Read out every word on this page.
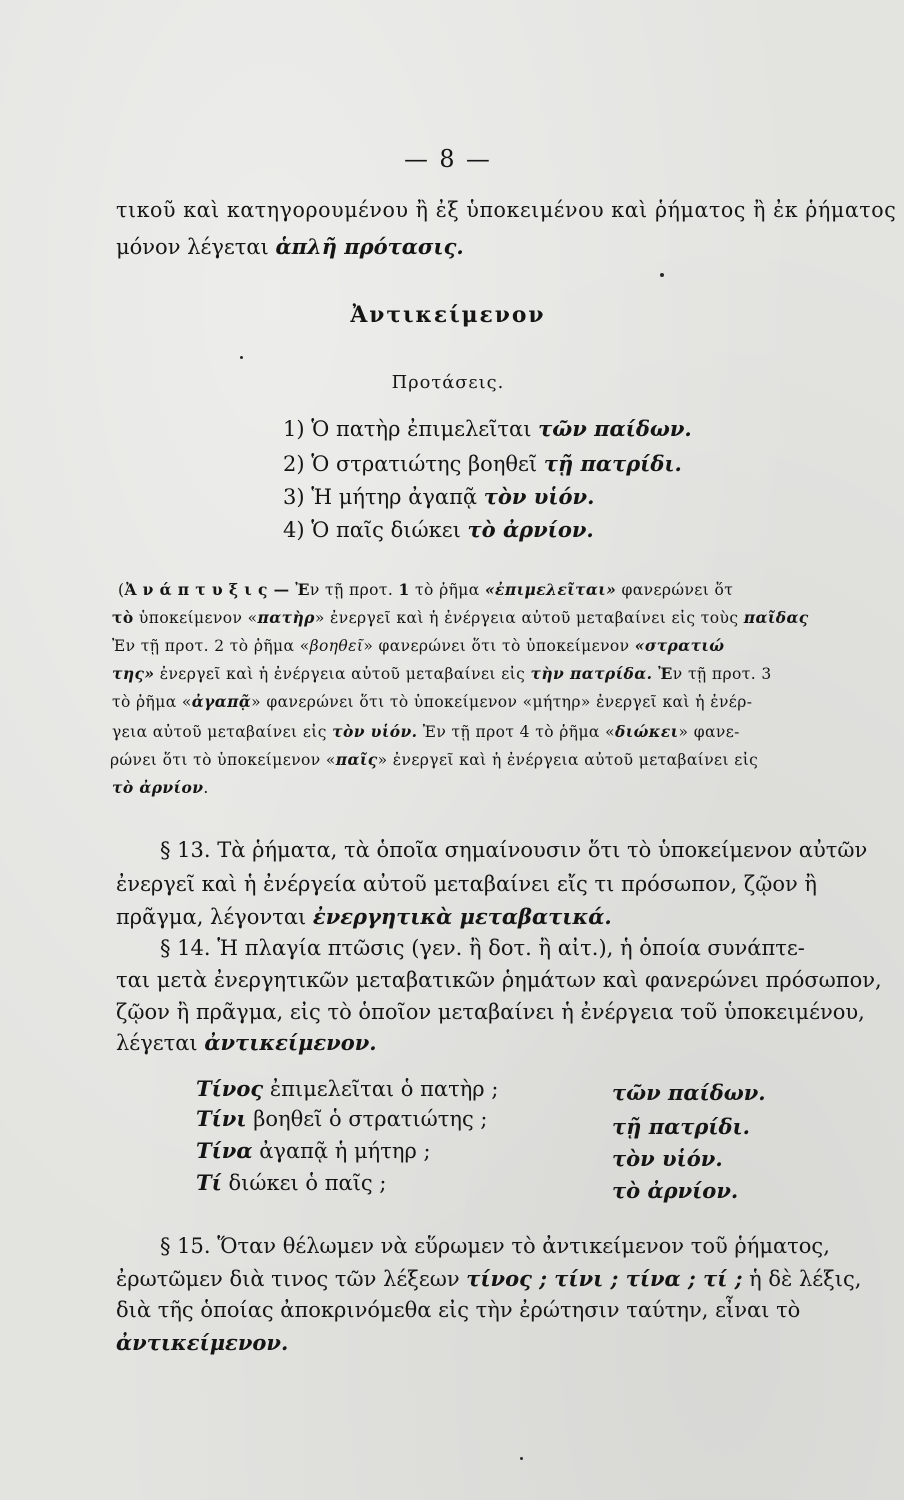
— 8 —
τικοῦ καὶ κατηγορουμένου ἢ ἐξ ὑποκειμένου καὶ ῥήματος ἢ ἐκ ῥήματος
μόνον λέγεται ἁπλῆ πρότασις.
Ἀντικείμενον
Προτάσεις.
1) Ὁ πατὴρ ἐπιμελεῖται τῶν παίδων.
2) Ὁ στρατιώτης βοηθεῖ τῇ πατρίδι.
3) Ἡ μήτηρ ἀγαπᾷ τὸν υἱόν.
4) Ὁ παῖς διώκει τὸ ἀρνίον.
(Ἀ ν ά π τ υ ξ ι ς — Ἐν τῇ προτ. 1 τὸ ῥῆμα «ἐπιμελεῖται» φανερώνει ὅτ
τὸ ὑποκείμενον «πατὴρ» ἐνεργεῖ καὶ ἡ ἐνέργεια αὐτοῦ μεταβαίνει εἰς τοὺς παῖδας
Ἐν τῇ προτ. 2 τὸ ῥῆμα «βοηθεῖ» φανερώνει ὅτι τὸ ὑποκείμενον «στρατιώ
της» ἐνεργεῖ καὶ ἡ ἐνέργεια αὐτοῦ μεταβαίνει εἰς τὴν πατρίδα. Ἐν τῇ προτ. 3
τὸ ῥῆμα «ἀγαπᾷ» φανερώνει ὅτι τὸ ὑποκείμενον «μήτηρ» ἐνεργεῖ καὶ ἡ ἐνέρ-
γεια αὐτοῦ μεταβαίνει εἰς τὸν υἱόν. Ἐν τῇ προτ 4 τὸ ῥῆμα «διώκει» φανε-
ρώνει ὅτι τὸ ὑποκείμενον «παῖς» ἐνεργεῖ καὶ ἡ ἐνέργεια αὐτοῦ μεταβαίνει εἰς
τὸ ἀρνίον.
§ 13. Τὰ ῥήματα, τὰ ὁποῖα σημαίνουσιν ὅτι τὸ ὑποκείμενον αὐτῶν
ἐνεργεῖ καὶ ἡ ἐνέργεία αὐτοῦ μεταβαίνει εἴς τι πρόσωπον, ζῷον ἢ
πρᾶγμα, λέγονται ἐνεργητικὰ μεταβατικά.
§ 14. Ἡ πλαγία πτῶσις (γεν. ἢ δοτ. ἢ αἰτ.), ἡ ὁποία συνάπτε-
ται μετὰ ἐνεργητικῶν μεταβατικῶν ῥημάτων καὶ φανερώνει πρόσωπον,
ζῷον ἢ πρᾶγμα, εἰς τὸ ὁποῖον μεταβαίνει ἡ ἐνέργεια τοῦ ὑποκειμένου,
λέγεται ἀντικείμενον.
Τίνος ἐπιμελεῖται ὁ πατὴρ ;	τῶν παίδων.
Τίνι βοηθεῖ ὁ στρατιώτης ;	τῇ πατρίδι.
Τίνα ἀγαπᾷ ἡ μήτηρ ;	τὸν υἱόν.
Τί διώκει ὁ παῖς ;	τὸ ἀρνίον.
§ 15. Ὅταν θέλωμεν νὰ εὕρωμεν τὸ ἀντικείμενον τοῦ ῥήματος,
ἐρωτῶμεν διὰ τινος τῶν λέξεων τίνος ; τίνι ; τίνα ; τί ; ἡ δὲ λέξις,
διὰ τῆς ὁποίας ἀποκρινόμεθα εἰς τὴν ἐρώτησιν ταύτην, εἶναι τὸ
ἀντικείμενον.
